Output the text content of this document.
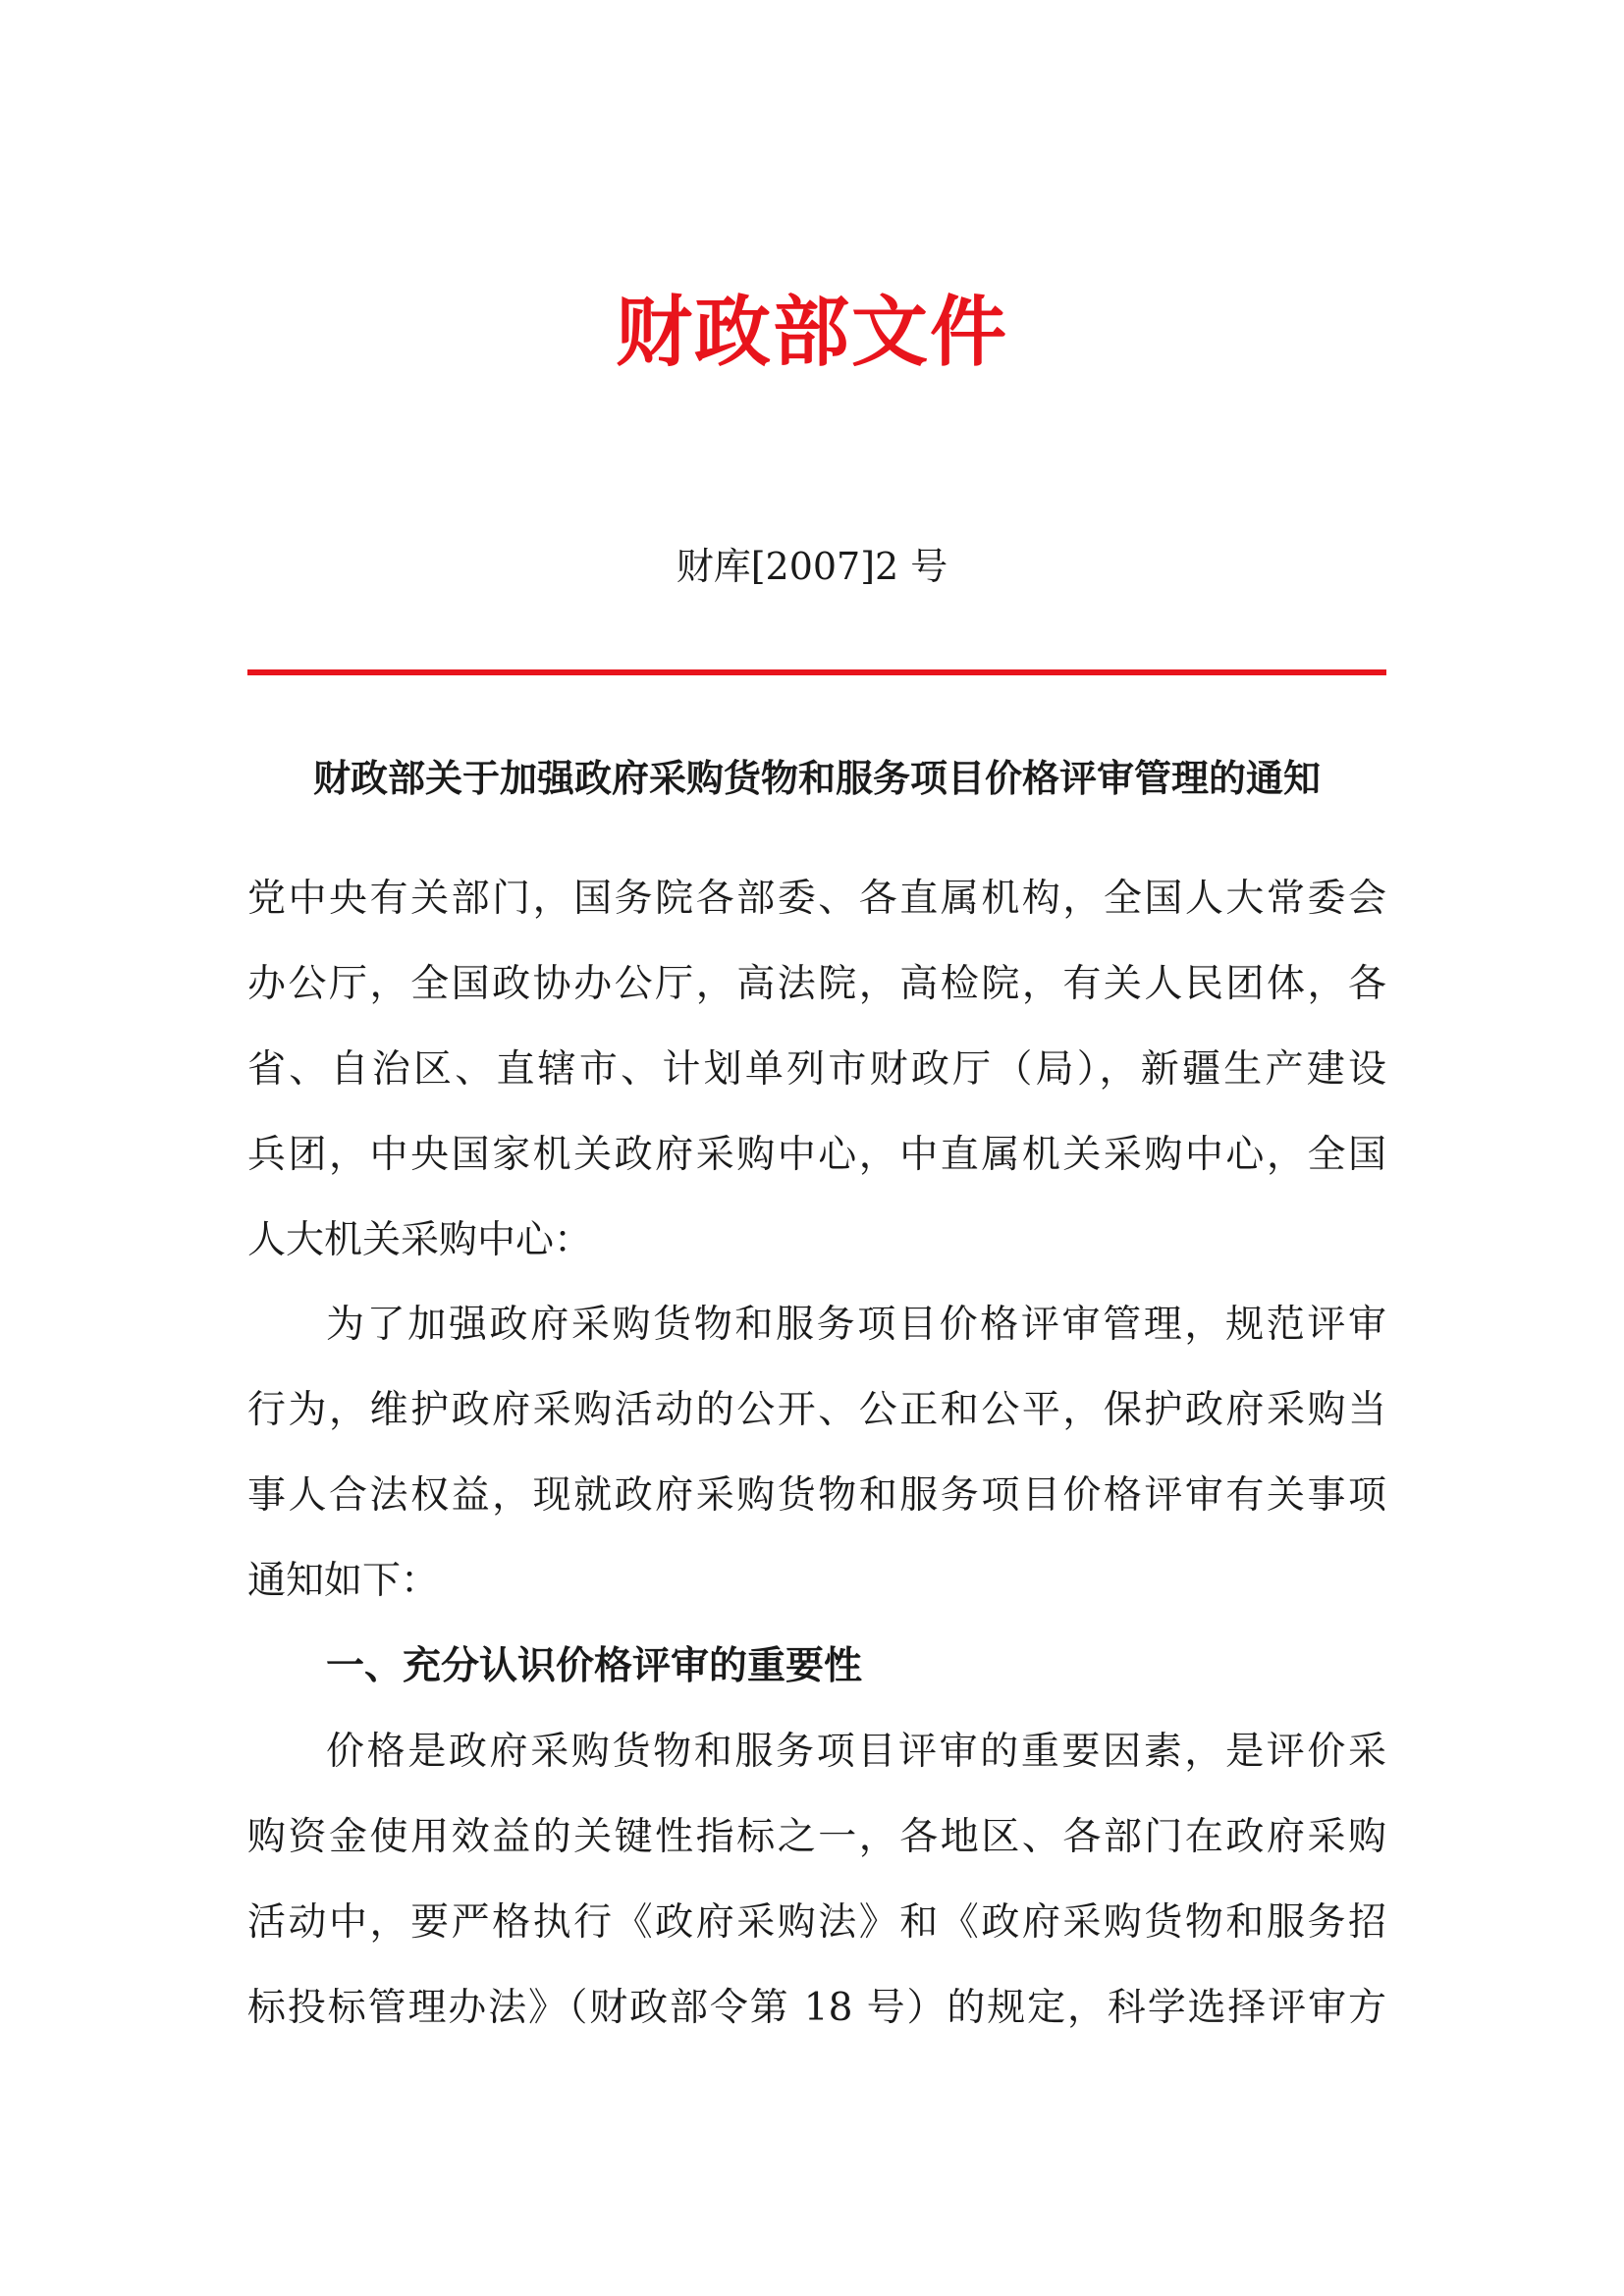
财政部文件
财库[2007]2 号
财政部关于加强政府采购货物和服务项目价格评审管理的通知
党中央有关部门，国务院各部委、各直属机构，全国人大常委会
办公厅，全国政协办公厅，高法院，高检院，有关人民团体，各
省、自治区、直辖市、计划单列市财政厅（局），新疆生产建设
兵团，中央国家机关政府采购中心，中直属机关采购中心，全国
人大机关采购中心：
为了加强政府采购货物和服务项目价格评审管理，规范评审
行为，维护政府采购活动的公开、公正和公平，保护政府采购当
事人合法权益，现就政府采购货物和服务项目价格评审有关事项
通知如下：
一、充分认识价格评审的重要性
价格是政府采购货物和服务项目评审的重要因素，是评价采
购资金使用效益的关键性指标之一，各地区、各部门在政府采购
活动中，要严格执行《政府采购法》和《政府采购货物和服务招
标投标管理办法》（财政部令第 18 号）的规定，科学选择评审方
